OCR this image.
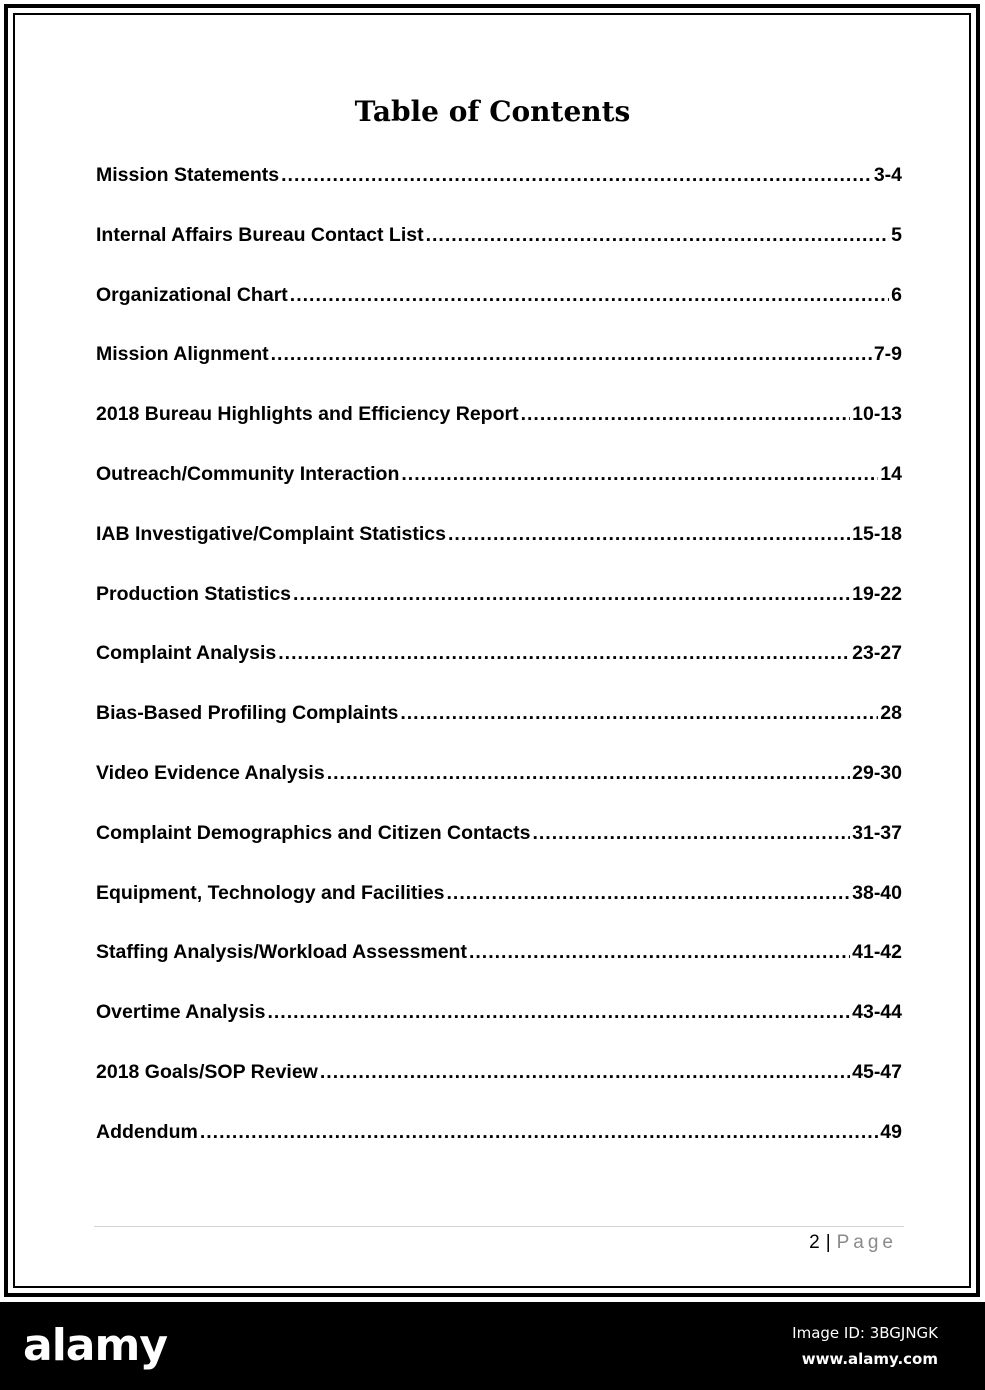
Table of Contents
Mission Statements .....	3-4
Internal Affairs Bureau Contact List .....	5
Organizational Chart .....	6
Mission Alignment .....	7-9
2018 Bureau Highlights and Efficiency Report .....	10-13
Outreach/Community Interaction .....	14
IAB Investigative/Complaint Statistics .....	15-18
Production Statistics .....	19-22
Complaint Analysis .....	23-27
Bias-Based Profiling Complaints .....	28
Video Evidence Analysis .....	29-30
Complaint Demographics and Citizen Contacts .....	31-37
Equipment, Technology and Facilities .....	38-40
Staffing Analysis/Workload Assessment .....	41-42
Overtime Analysis .....	43-44
2018 Goals/SOP Review .....	45-47
Addendum .....	49
2 | Page
alamy	Image ID: 3BGJNGK
www.alamy.com
